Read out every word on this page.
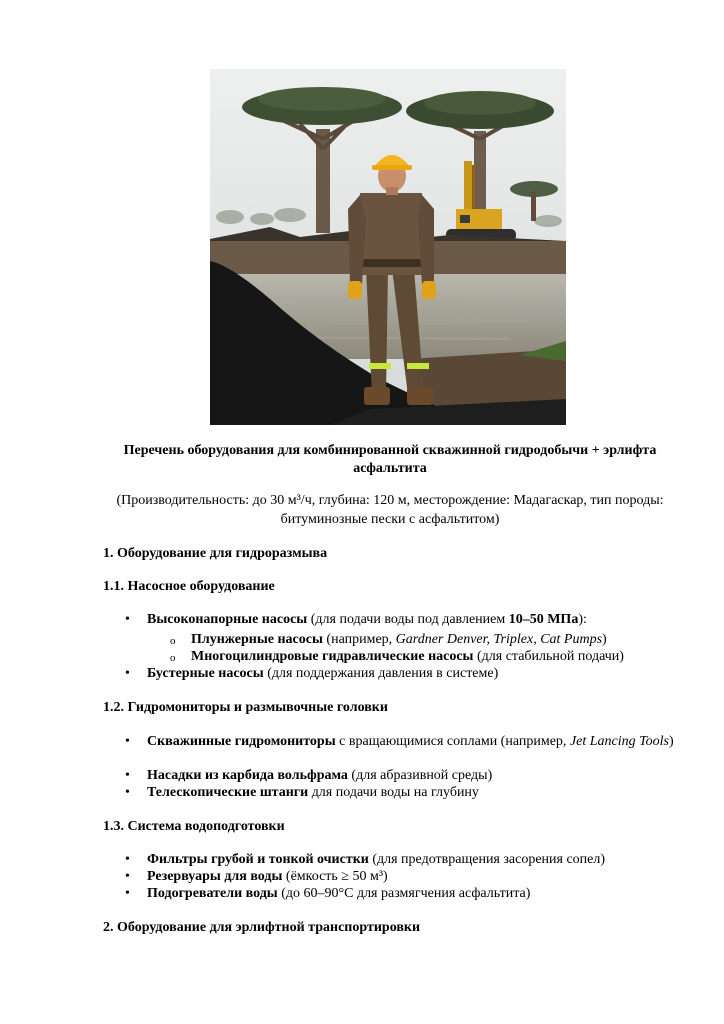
Перечень оборудования для комбинированной скважинной гидродобычи + эрлифта асфальтита
(Производительность: до 30 м³/ч, глубина: 120 м, месторождение: Мадагаскар, тип породы: битуминозные пески с асфальтитом)
1. Оборудование для гидроразмыва
1.1. Насосное оборудование
• Высоконапорные насосы (для подачи воды под давлением 10–50 МПа):
o Плунжерные насосы (например, Gardner Denver, Triplex, Cat Pumps)
o Многоцилиндровые гидравлические насосы (для стабильной подачи)
• Бустерные насосы (для поддержания давления в системе)
1.2. Гидромониторы и размывочные головки
• Скважинные гидромониторы с вращающимися соплами (например, Jet Lancing Tools)
• Насадки из карбида вольфрама (для абразивной среды)
• Телескопические штанги для подачи воды на глубину
1.3. Система водоподготовки
• Фильтры грубой и тонкой очистки (для предотвращения засорения сопел)
• Резервуары для воды (ёмкость ≥ 50 м³)
• Подогреватели воды (до 60–90°C для размягчения асфальтита)
2. Оборудование для эрлифтной транспортировки
